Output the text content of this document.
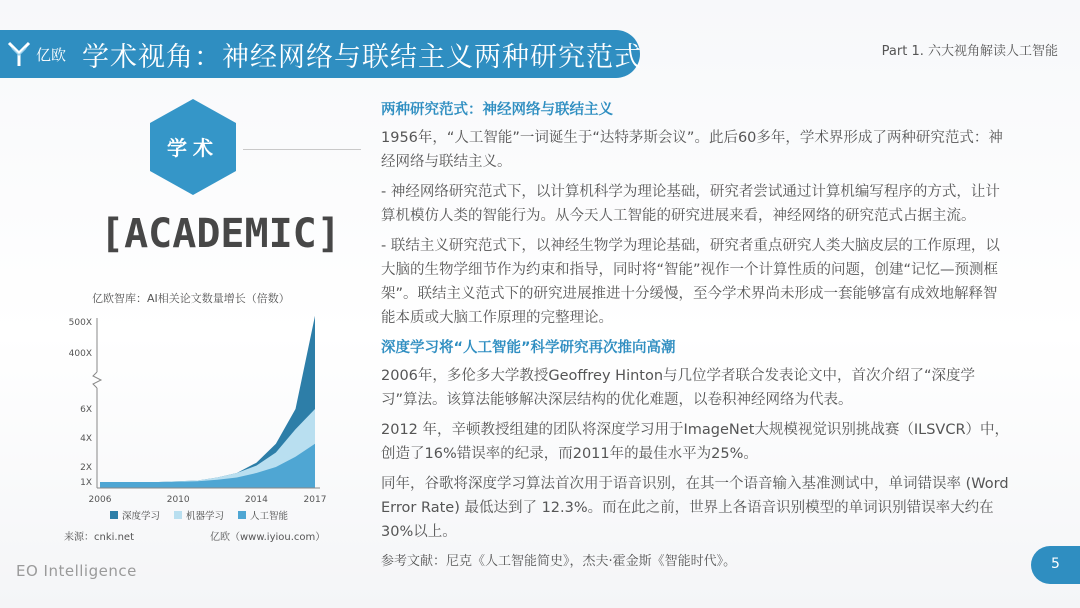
亿欧 学术视角：神经网络与联结主义两种研究范式	Part 1. 六大视角解读人工智能
学术
[ACADEMIC]
亿欧智库：AI相关论文数量增长（倍数）
1X
2X
4X
6X
400X
500X
2006	2010	2014	2017
深度学习	机器学习	人工智能
来源：cnki.net	亿欧（www.iyiou.com）
两种研究范式：神经网络与联结主义

1956年，“人工智能”一词诞生于“达特茅斯会议”。此后60多年，学术界形成了两种研究范式：神经网络与联结主义。

- 神经网络研究范式下，以计算机科学为理论基础，研究者尝试通过计算机编写程序的方式，让计算机模仿人类的智能行为。从今天人工智能的研究进展来看，神经网络的研究范式占据主流。

- 联结主义研究范式下，以神经生物学为理论基础，研究者重点研究人类大脑皮层的工作原理，以大脑的生物学细节作为约束和指导，同时将“智能”视作一个计算性质的问题，创建“记忆—预测框架”。联结主义范式下的研究进展推进十分缓慢，至今学术界尚未形成一套能够富有成效地解释智能本质或大脑工作原理的完整理论。

深度学习将“人工智能”科学研究再次推向高潮

2006年，多伦多大学教授Geoffrey Hinton与几位学者联合发表论文中，首次介绍了“深度学习”算法。该算法能够解决深层结构的优化难题，以卷积神经网络为代表。

2012 年，辛顿教授组建的团队将深度学习用于ImageNet大规模视觉识别挑战赛（ILSVCR）中，创造了16%错误率的纪录，而2011年的最佳水平为25%。

同年，谷歌将深度学习算法首次用于语音识别，在其一个语音输入基准测试中，单词错误率 (Word Error Rate) 最低达到了 12.3%。而在此之前，世界上各语音识别模型的单词识别错误率大约在30%以上。

参考文献：尼克《人工智能简史》，杰夫·霍金斯《智能时代》。

EO Intelligence	5
